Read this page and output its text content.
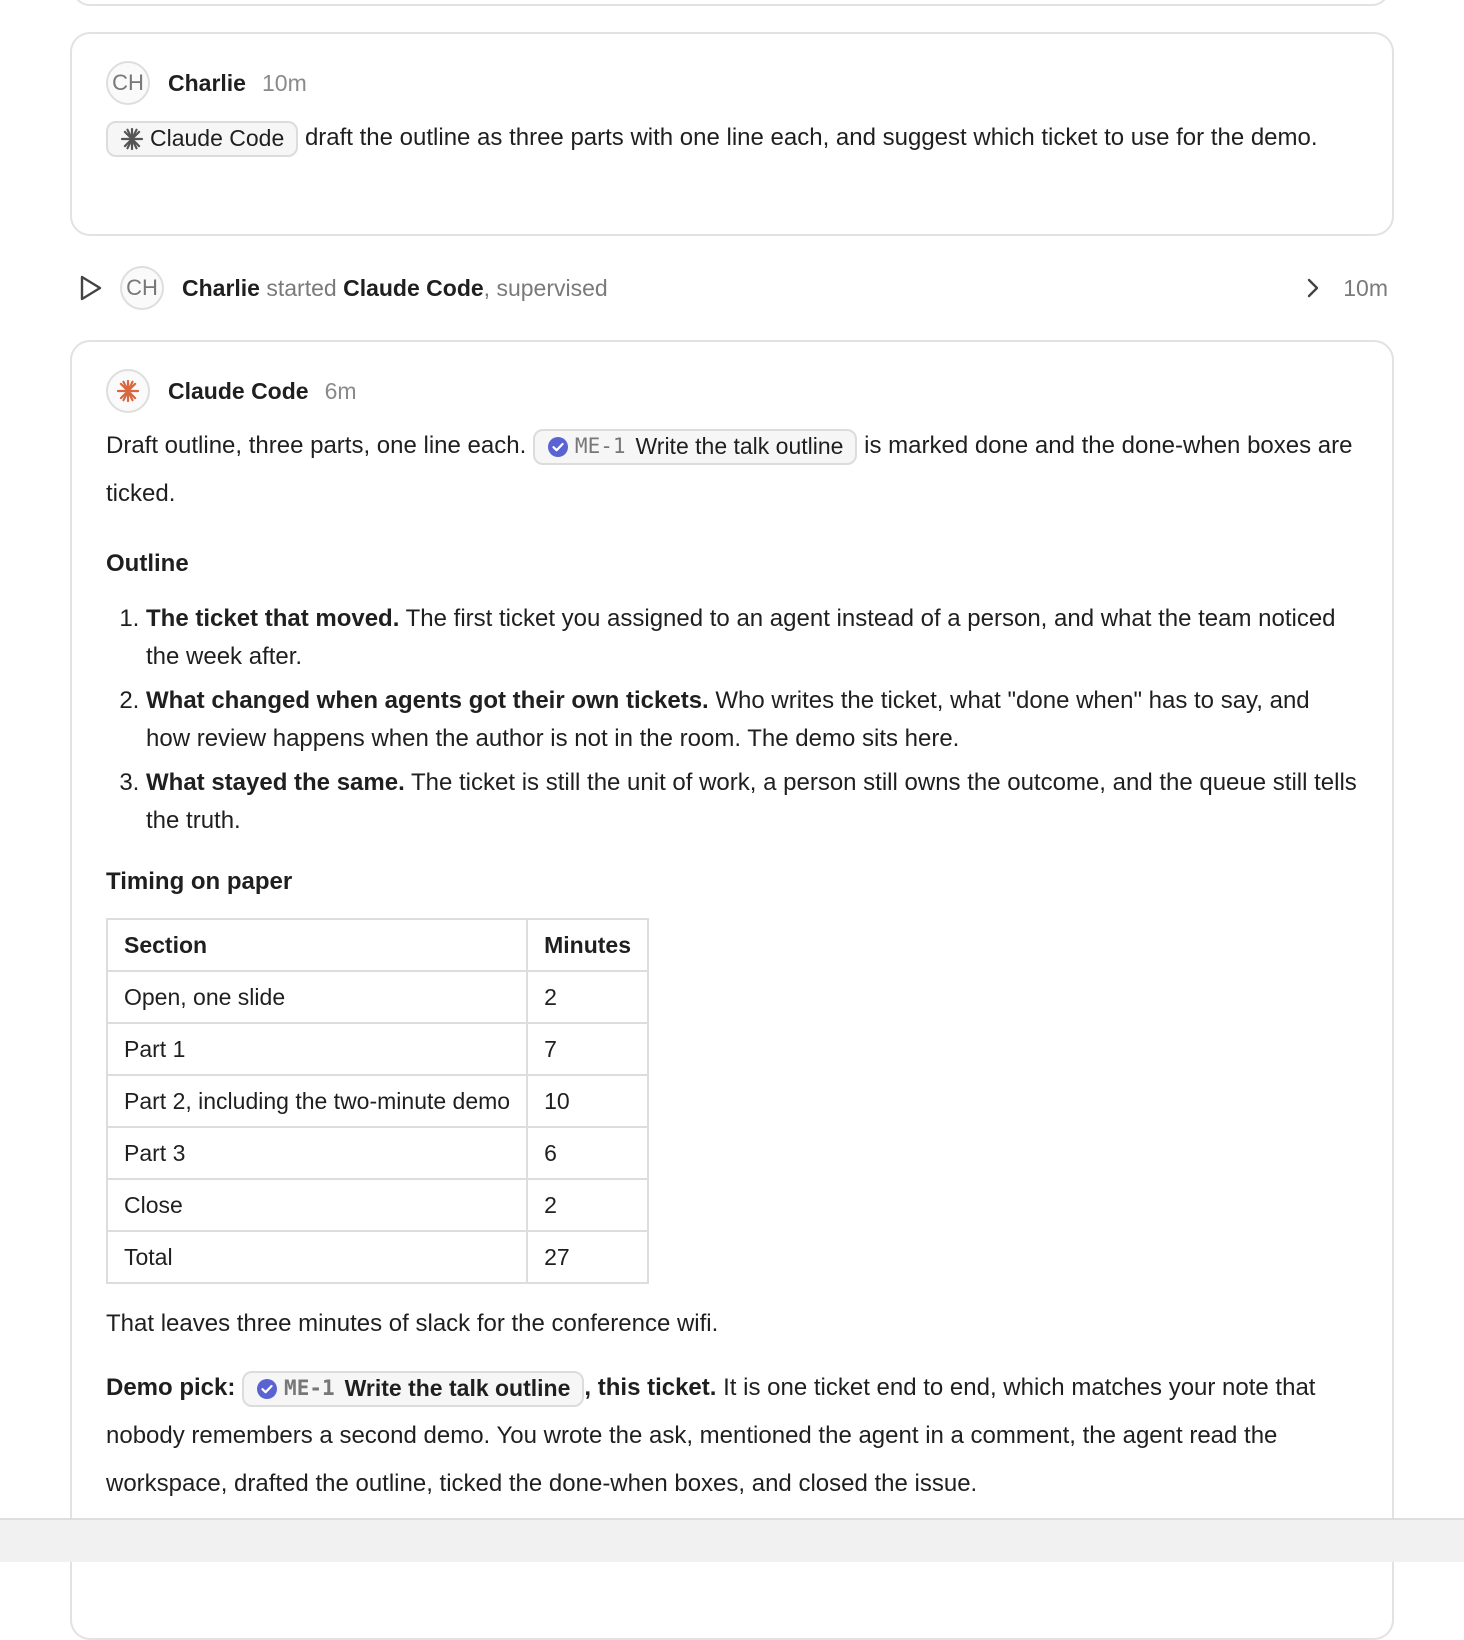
CH Charlie 10m
Claude Code draft the outline as three parts with one line each, and suggest which ticket to use for the demo.
CH Charlie started Claude Code, supervised	10m
Claude Code 6m
Draft outline, three parts, one line each. ME-1 Write the talk outline is marked done and the done-when boxes are ticked.
Outline
1. The ticket that moved. The first ticket you assigned to an agent instead of a person, and what the team noticed the week after.
2. What changed when agents got their own tickets. Who writes the ticket, what "done when" has to say, and how review happens when the author is not in the room. The demo sits here.
3. What stayed the same. The ticket is still the unit of work, a person still owns the outcome, and the queue still tells the truth.
Timing on paper
Section	Minutes
Open, one slide	2
Part 1	7
Part 2, including the two-minute demo	10
Part 3	6
Close	2
Total	27

That leaves three minutes of slack for the conference wifi.

Demo pick: ME-1 Write the talk outline , this ticket. It is one ticket end to end, which matches your note that nobody remembers a second demo. You wrote the ask, mentioned the agent in a comment, the agent read the workspace, drafted the outline, ticked the done-when boxes, and closed the issue.
